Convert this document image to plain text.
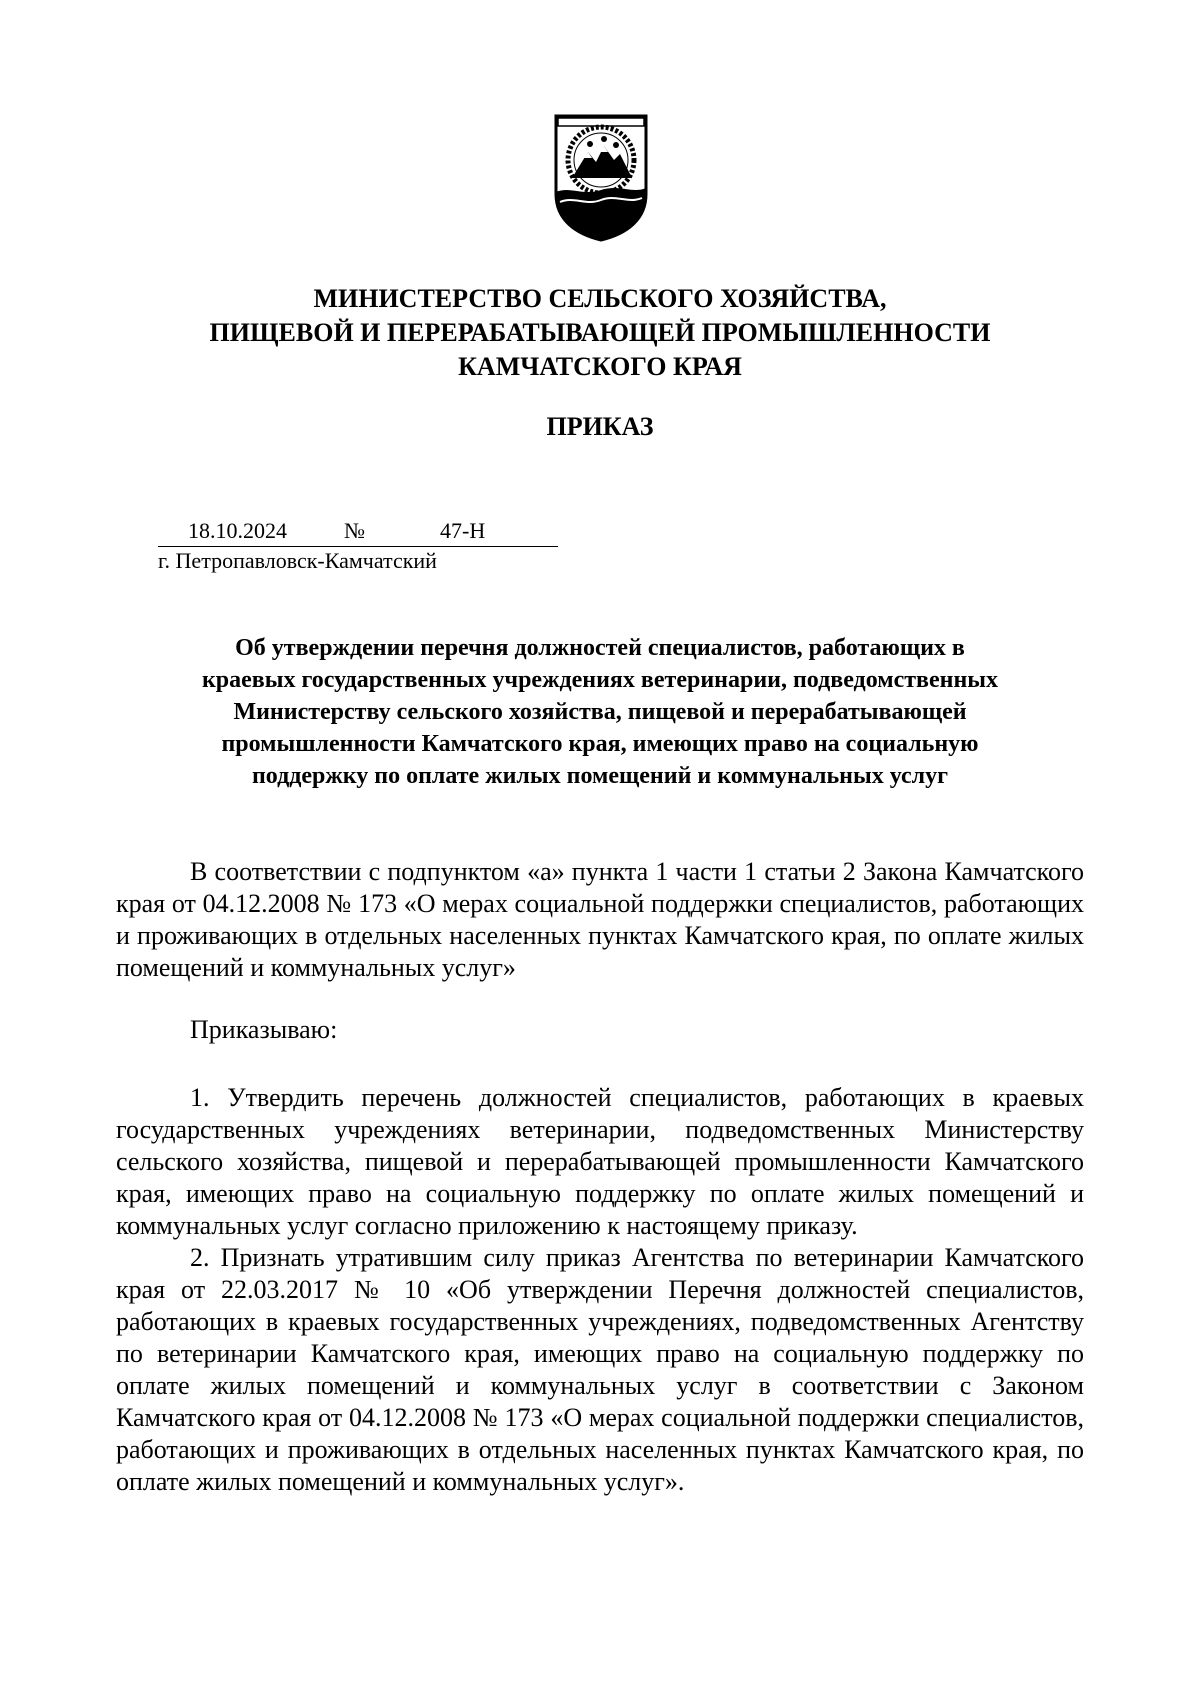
МИНИСТЕРСТВО СЕЛЬСКОГО ХОЗЯЙСТВА,
ПИЩЕВОЙ И ПЕРЕРАБАТЫВАЮЩЕЙ ПРОМЫШЛЕННОСТИ
КАМЧАТСКОГО КРАЯ
ПРИКАЗ
18.10.2024	№	47-Н
г. Петропавловск-Камчатский
Об утверждении перечня должностей специалистов, работающих в
краевых государственных учреждениях ветеринарии, подведомственных
Министерству сельского хозяйства, пищевой и перерабатывающей
промышленности Камчатского края, имеющих право на социальную
поддержку по оплате жилых помещений и коммунальных услуг

В соответствии с подпунктом «а» пункта 1 части 1 статьи 2 Закона Камчатского края от 04.12.2008 № 173 «О мерах социальной поддержки специалистов, работающих и проживающих в отдельных населенных пунктах Камчатского края, по оплате жилых помещений и коммунальных услуг»

Приказываю:

1. Утвердить перечень должностей специалистов, работающих в краевых государственных учреждениях ветеринарии, подведомственных Министерству сельского хозяйства, пищевой и перерабатывающей промышленности Камчатского края, имеющих право на социальную поддержку по оплате жилых помещений и коммунальных услуг согласно приложению к настоящему приказу.

2. Признать утратившим силу приказ Агентства по ветеринарии Камчатского края от 22.03.2017 № 10 «Об утверждении Перечня должностей специалистов, работающих в краевых государственных учреждениях, подведомственных Агентству по ветеринарии Камчатского края, имеющих право на социальную поддержку по оплате жилых помещений и коммунальных услуг в соответствии с Законом Камчатского края от 04.12.2008 № 173 «О мерах социальной поддержки специалистов, работающих и проживающих в отдельных населенных пунктах Камчатского края, по оплате жилых помещений и коммунальных услуг».
